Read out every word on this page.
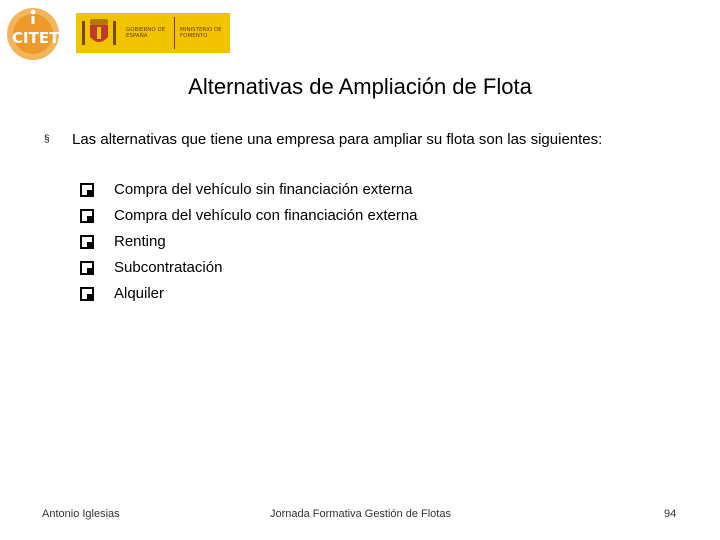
CITET	GOBIERNO DE ESPAÑA
MINISTERIO DE FOMENTO
Alternativas de Ampliación de Flota
§ Las alternativas que tiene una empresa para ampliar su flota son las siguientes:
Compra del vehículo sin financiación externa
Compra del vehículo con financiación externa
Renting
Subcontratación
Alquiler
Antonio Iglesias	Jornada Formativa Gestión de Flotas	94
